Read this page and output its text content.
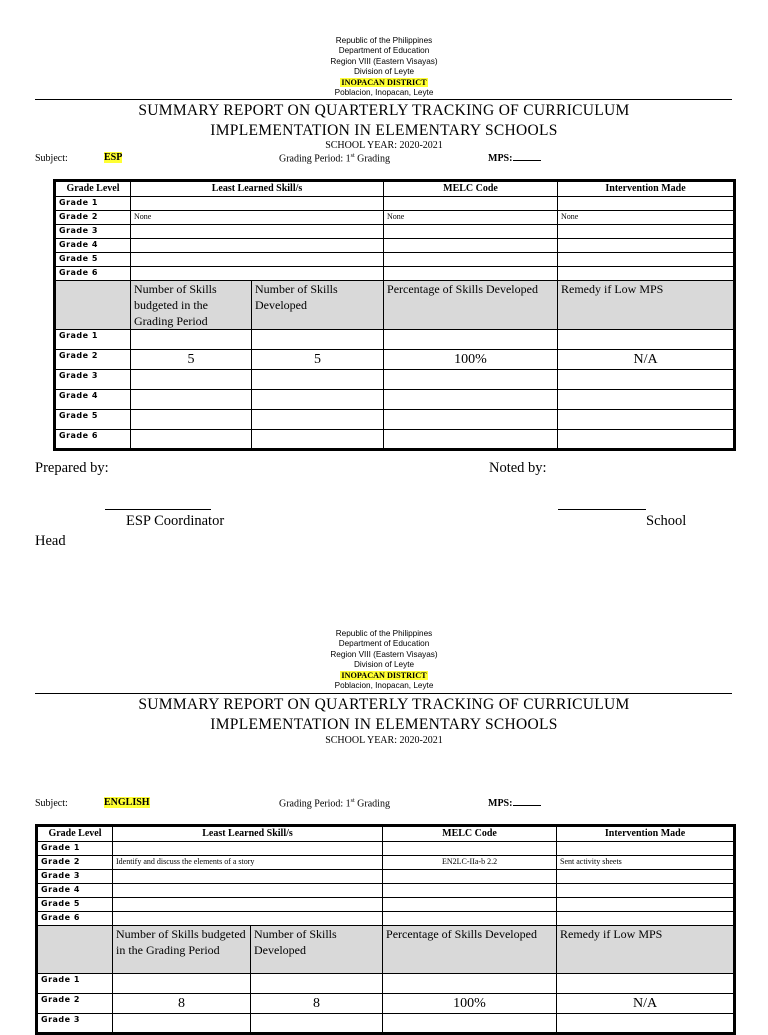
Republic of the Philippines
Department of Education
Region VIII (Eastern Visayas)
Division of Leyte
INOPACAN DISTRICT
Poblacion, Inopacan, Leyte
SUMMARY REPORT ON QUARTERLY TRACKING OF CURRICULUM
IMPLEMENTATION IN ELEMENTARY SCHOOLS
SCHOOL YEAR: 2020-2021
Subject:	ESP	Grading Period: 1st Grading	MPS:
Grade Level	Least Learned Skill/s		MELC Code	Intervention Made
Grade 1				
Grade 2	None		None	None
Grade 3				
Grade 4				
Grade 5				
Grade 6				
	Number of Skills budgeted in the Grading Period	Number of Skills Developed	Percentage of Skills Developed	Remedy if Low MPS
Grade 1				
Grade 2	5	5	100%	N/A
Grade 3				
Grade 4				
Grade 5				
Grade 6				
Prepared by:	Noted by:
ESP Coordinator	School
Head
Republic of the Philippines
Department of Education
Region VIII (Eastern Visayas)
Division of Leyte
INOPACAN DISTRICT
Poblacion, Inopacan, Leyte
SUMMARY REPORT ON QUARTERLY TRACKING OF CURRICULUM
IMPLEMENTATION IN ELEMENTARY SCHOOLS
SCHOOL YEAR: 2020-2021
Subject:	ENGLISH	Grading Period: 1st Grading	MPS:
Grade Level	Least Learned Skill/s		MELC Code	Intervention Made
Grade 1				
Grade 2	Identify and discuss the elements of a story		EN2LC-IIa-b 2.2	Sent activity sheets
Grade 3				
Grade 4				
Grade 5				
Grade 6				
	Number of Skills budgeted in the Grading Period	Number of Skills Developed	Percentage of Skills Developed	Remedy if Low MPS
Grade 1				
Grade 2	8	8	100%	N/A
Grade 3				
